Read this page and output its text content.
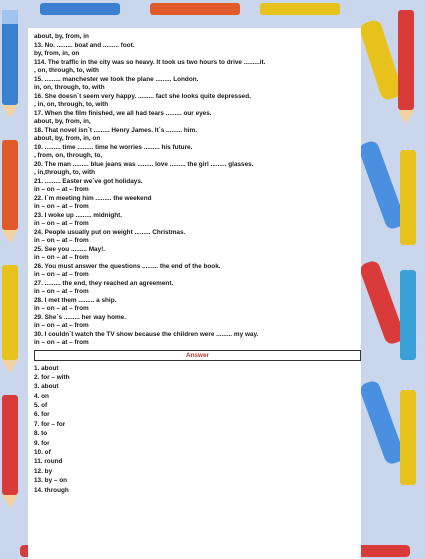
about, by, from, in
13. No. ......... boat and ......... foot.
by, from, in, on
114. The traffic in the city was so heavy. It took us two hours to drive .........it.
, on, through, to, with
15. ......... manchester we took the plane ......... London.
in, on, through, to, with
16. She doesn´t seem very happy. ......... fact she looks quite depressed.
, in, on, through, to, with
17. When the film finished, we all had tears ......... our eyes.
about, by, from, in,
18. That novel isn´t ......... Henry James. It´s ......... him.
about, by, from, in, on
19. ......... time ......... time he worries ......... his future.
, from, on, through, to,
20. The man ......... blue jeans was ......... love ......... the girl ......... glasses.
, in,through, to, with
21. ......... Easter we´ve got holidays.
in – on – at – from
22. I´m meeting him ......... the weekend
in – on – at – from
23. I woke up ......... midnight.
in – on – at – from
24. People usually put on weight ......... Christmas.
in – on – at – from
25. See you ......... May!.
in – on – at – from
26. You must answer the questions ......... the end of the book.
in – on – at – from
27. ......... the end, they reached an agreement.
in – on – at – from
28. I met them ......... a ship.
in – on – at – from
29. She´s ......... her way home.
in – on – at – from
30. I couldn´t watch the TV show because the children were ......... my way.
in – on – at – from
Answer
1. about
2. for – with
3. about
4. on
5. of
6. for
7. for – for
8. to
9. for
10. of
11. round
12. by
13. by – on
14. through
